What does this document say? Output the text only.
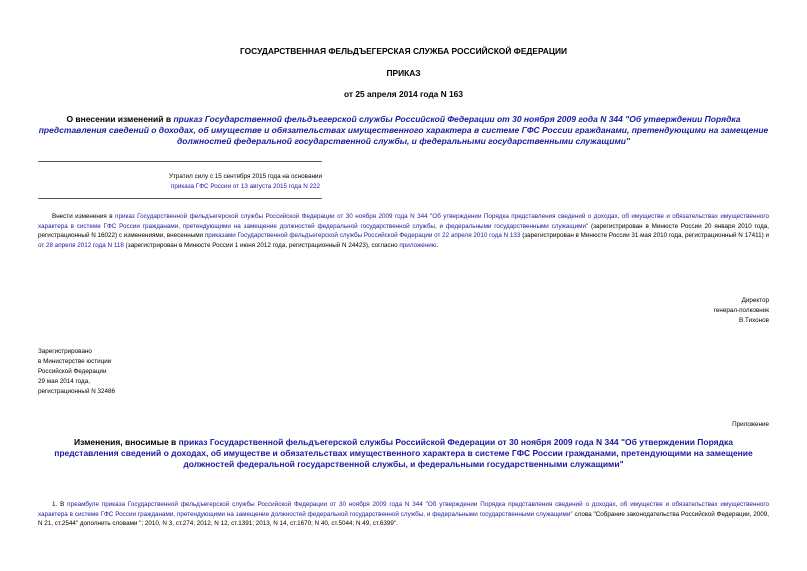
ГОСУДАРСТВЕННАЯ ФЕЛЬДЪЕГЕРСКАЯ СЛУЖБА РОССИЙСКОЙ ФЕДЕРАЦИИ
ПРИКАЗ
от 25 апреля 2014 года N 163
О внесении изменений в приказ Государственной фельдъегерской службы Российской Федерации от 30 ноября 2009 года N 344 "Об утверждении Порядка
представления сведений о доходах, об имуществе и обязательствах имущественного характера в системе ГФС России гражданами, претендующими на замещение
должностей федеральной государственной службы, и федеральными государственными служащими"
Утратил силу с 15 сентября 2015 года на основании
приказа ГФС России от 13 августа 2015 года N 222
Внести изменения в приказ Государственной фельдъегерской службы Российской Федерации от 30 ноября 2009 года N 344 "Об утверждении Порядка представления сведений о доходах, об имуществе и обязательствах имущественного характера в системе ГФС России гражданами, претендующими на замещение должностей федеральной государственной службы, и федеральными государственными служащими" (зарегистрирован в Минюсте России 20 января 2010 года, регистрационный N 16022) с изменениями, внесенными приказами Государственной фельдъегерской службы Российской Федерации от 22 апреля 2010 года N 133 (зарегистрирован в Минюсте России 31 мая 2010 года, регистрационный N 17411) и от 28 апреля 2012 года N 118 (зарегистрирован в Минюсте России 1 июня 2012 года, регистрационный N 24423), согласно приложению.
Директор
генерал-полковник
В.Тихонов
Зарегистрировано
в Министерстве юстиции
Российской Федерации
29 мая 2014 года,
регистрационный N 32486
Приложение
Изменения, вносимые в приказ Государственной фельдъегерской службы Российской Федерации от 30 ноября 2009 года N 344 "Об утверждении Порядка
представления сведений о доходах, об имуществе и обязательствах имущественного характера в системе ГФС России гражданами, претендующими на замещение
должностей федеральной государственной службы, и федеральными государственными служащими"
1. В преамбуле приказа Государственной фельдъегерской службы Российской Федерации от 30 ноября 2009 года N 344 "Об утверждении Порядка представления сведений о доходах, об имуществе и обязательствах имущественного характера в системе ГФС России гражданами, претендующими на замещение должностей федеральной государственной службы, и федеральными государственными служащими" слова "Собрание законодательства Российской Федерации, 2009, N 21, ст.2544" дополнить словами "; 2010, N 3, ст.274; 2012, N 12, ст.1391; 2013, N 14, ст.1670; N 40, ст.5044; N 49, ст.6399".
